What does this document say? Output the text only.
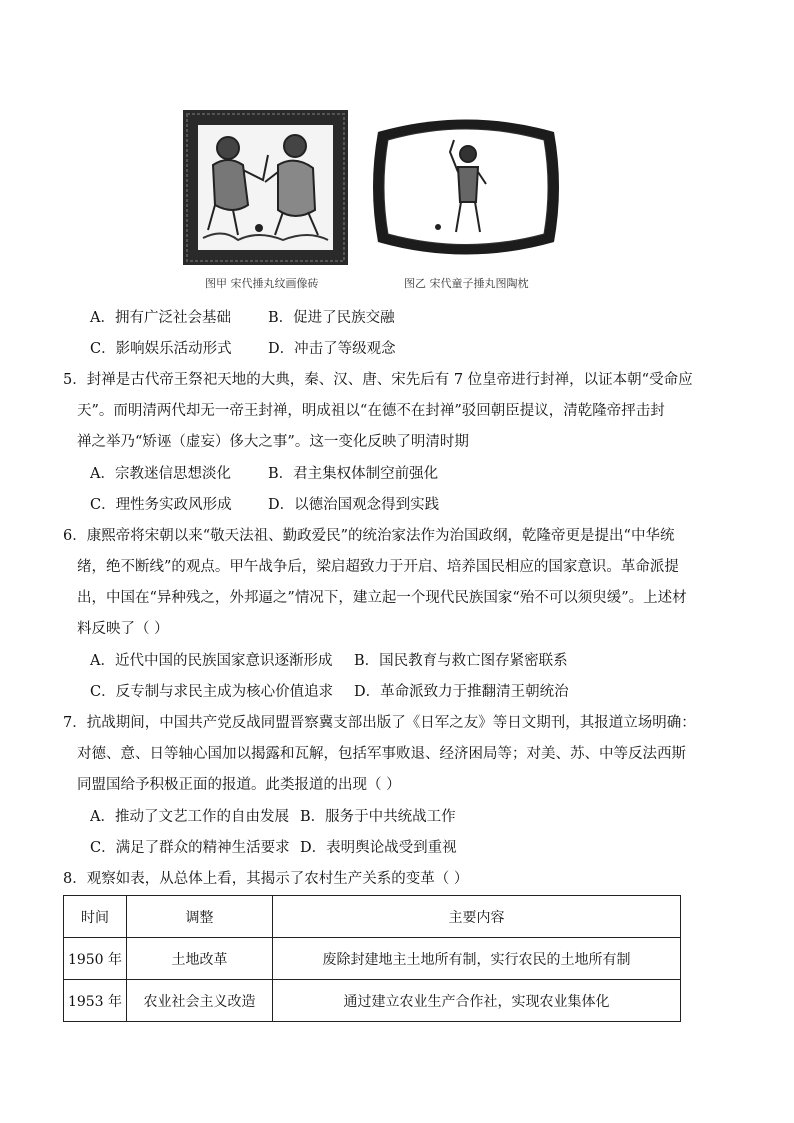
图甲 宋代捶丸纹画像砖	图乙 宋代童子捶丸图陶枕
A．拥有广泛社会基础	B．促进了民族交融
C．影响娱乐活动形式	D．冲击了等级观念
5．封禅是古代帝王祭祀天地的大典，秦、汉、唐、宋先后有 7 位皇帝进行封禅，以证本朝“受命应
天”。而明清两代却无一帝王封禅，明成祖以“在德不在封禅”驳回朝臣提议，清乾隆帝抨击封
禅之举乃“矫诬（虚妄）侈大之事”。这一变化反映了明清时期
A．宗教迷信思想淡化	B．君主集权体制空前强化
C．理性务实政风形成	D．以德治国观念得到实践
6．康熙帝将宋朝以来“敬天法祖、勤政爱民”的统治家法作为治国政纲，乾隆帝更是提出“中华统
绪，绝不断线”的观点。甲午战争后，梁启超致力于开启、培养国民相应的国家意识。革命派提
出，中国在“异种残之，外邦逼之”情况下，建立起一个现代民族国家“殆不可以须臾缓”。上述材
料反映了（ ）
A．近代中国的民族国家意识逐渐形成 B．国民教育与救亡图存紧密联系
C．反专制与求民主成为核心价值追求 D．革命派致力于推翻清王朝统治
7．抗战期间，中国共产党反战同盟晋察冀支部出版了《日军之友》等日文期刊，其报道立场明确：
对德、意、日等轴心国加以揭露和瓦解，包括军事败退、经济困局等；对美、苏、中等反法西斯
同盟国给予积极正面的报道。此类报道的出现（ ）
A．推动了文艺工作的自由发展 B．服务于中共统战工作
C．满足了群众的精神生活要求 D．表明舆论战受到重视
8．观察如表，从总体上看，其揭示了农村生产关系的变革（ ）
时间	调整	主要内容
1950 年	土地改革	废除封建地主土地所有制，实行农民的土地所有制
1953 年	农业社会主义改造	通过建立农业生产合作社，实现农业集体化
